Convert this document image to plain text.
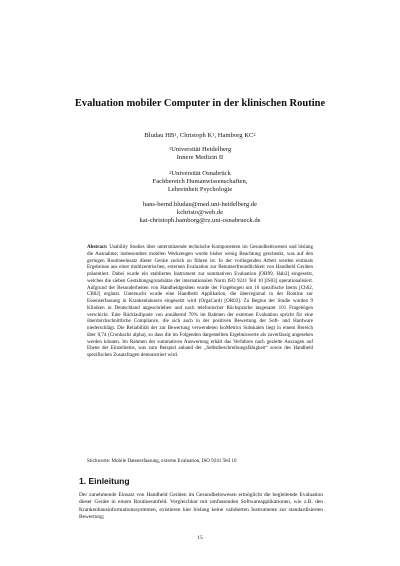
Evaluation mobiler Computer in der klinischen Routine
Bludau $HB^1$, Christoph $K^1$, Hamborg $KC^2$
$^1$Universität Heidelberg
Innere Medizin II
$^2$Universität Osnabrück
Fachbereich Humanwissenschaften,
Lehreinheit Psychologie
hans-bernd.bludau@med.uni-heidelberg.de
kchristo@web.de
kai-christoph.hamborg@rz.uni-osnabrueck.de
Abstract: Usability Studies über unterstützende technische Komponenten im Gesundheitswesen und bislang die Ausnahme; insbesondere mobilen Werkzeugen wurde bisher wenig Beachtung geschenkt, was auf den geringen Routineeinsatz dieser Geräte zurück zu führen ist. In der vorliegenden Arbeit werden erstmals Ergebnisse aus einer multizentrischen, externen Evaluation zur Benutzerfreundlichkeit von Handheld Geräten präsentiert. Dabei wurde ein etabliertes Instrument zur summativen Evaluation [OH99, Hab2] eingesetzt, welches die sieben Gestaltungsgrundsätze der internationalen Norm ISO 9241 Teil 10 [IS03] operationalisiert. Aufgrund der Besonderheiten von Handheldgeräten wurde der Fragebogen um 16 spezifische Items [Ch02, CB02] ergänzt. Untersucht wurde eine Handheld Applikation, die überregional in der Routine zur Essenserfassung in Krankenhäusern eingesetzt wird (OrgaCard) [OR03]. Zu Beginn der Studie wurden 9 Kliniken in Deutschland angeschrieben und nach telefonischer Rücksprache insgesamt 101 Fragebögen verschickt. Eine Rücklaufquote von annähernd 70% im Rahmen der externen Evaluation spricht für eine überdurchschnittliche Compliance, die sich auch in der positiven Bewertung der Soft- und Hardware niederschlägt. Die Reliabilität der zur Bewertung verwendeten IsoMetrics Subskalen liegt in einem Bereich über 0,74 (Cronbachs alpha), so dass die im Folgenden dargestellten Ergebniswerte als zuverlässig angesehen werden können. Im Rahmen der summativen Auswertung erhält das Verfahren nach gezielte Auszugen auf Ebene der Einzelitems, was zum Beispiel anhand der „Selbstbeschreibungsfähigkeit“ sowie des Handheld spezifischen Zusatzfragen demonstriert wird.
Stichworte: Mobile Datenerfassung, externe Evaluation, ISO 9241 Teil 10
1. Einleitung
Der zunehmende Einsatz von Handheld Geräten im Gesundheitswesen ermöglicht die begleitende Evaluation dieser Geräte in einem Routineumfeld. Vergleichbar mit umfassenden Softwareapplikationen, wie z.B. den Krankenhausinformationssystemen, existieren hier bislang keine validierten Instrumente zur standardisierten Bewertung;
15
